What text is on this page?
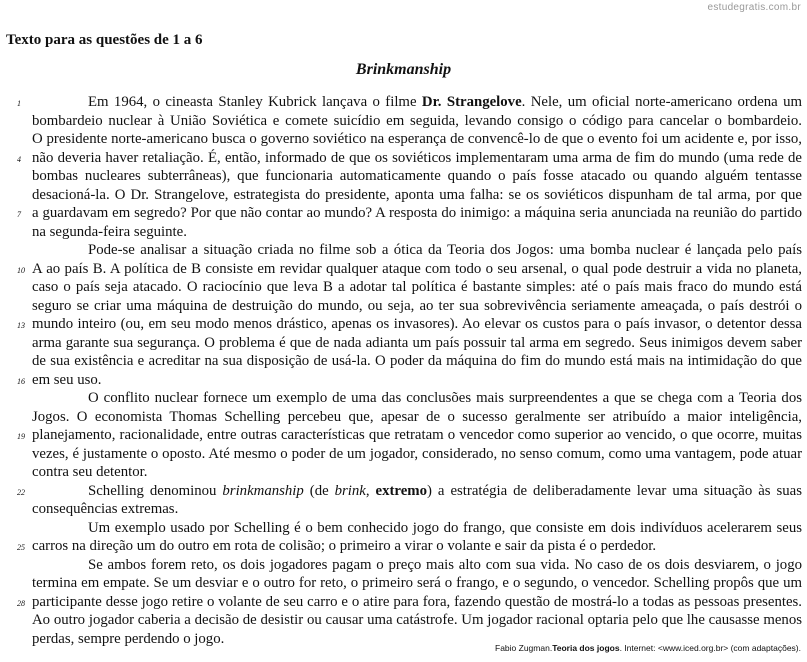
estudegratis.com.br
Texto para as questões de 1 a 6
Brinkmanship
1	Em 1964, o cineasta Stanley Kubrick lançava o filme Dr. Strangelove. Nele, um oficial norte-americano ordena um
bombardeio nuclear à União Soviética e comete suicídio em seguida, levando consigo o código para cancelar o bombardeio.
O presidente norte-americano busca o governo soviético na esperança de convencê-lo de que o evento foi um acidente e, por isso,
4 não deveria haver retaliação. É, então, informado de que os soviéticos implementaram uma arma de fim do mundo (uma rede de
bombas nucleares subterrâneas), que funcionaria automaticamente quando o país fosse atacado ou quando alguém tentasse
desacioná-la. O Dr. Strangelove, estrategista do presidente, aponta uma falha: se os soviéticos dispunham de tal arma, por que
7 a guardavam em segredo? Por que não contar ao mundo? A resposta do inimigo: a máquina seria anunciada na reunião do partido
na segunda-feira seguinte.
Pode-se analisar a situação criada no filme sob a ótica da Teoria dos Jogos: uma bomba nuclear é lançada pelo país
10 A ao país B. A política de B consiste em revidar qualquer ataque com todo o seu arsenal, o qual pode destruir a vida no planeta,
caso o país seja atacado. O raciocínio que leva B a adotar tal política é bastante simples: até o país mais fraco do mundo está
seguro se criar uma máquina de destruição do mundo, ou seja, ao ter sua sobrevivência seriamente ameaçada, o país destrói o
13 mundo inteiro (ou, em seu modo menos drástico, apenas os invasores). Ao elevar os custos para o país invasor, o detentor dessa
arma garante sua segurança. O problema é que de nada adianta um país possuir tal arma em segredo. Seus inimigos devem saber
de sua existência e acreditar na sua disposição de usá-la. O poder da máquina do fim do mundo está mais na intimidação do que
16 em seu uso.
O conflito nuclear fornece um exemplo de uma das conclusões mais surpreendentes a que se chega com a Teoria dos
Jogos. O economista Thomas Schelling percebeu que, apesar de o sucesso geralmente ser atribuído a maior inteligência,
19 planejamento, racionalidade, entre outras características que retratam o vencedor como superior ao vencido, o que ocorre, muitas
vezes, é justamente o oposto. Até mesmo o poder de um jogador, considerado, no senso comum, como uma vantagem, pode atuar
contra seu detentor.
22	Schelling denominou brinkmanship (de brink, extremo) a estratégia de deliberadamente levar uma situação às suas
consequências extremas.
Um exemplo usado por Schelling é o bem conhecido jogo do frango, que consiste em dois indivíduos acelerarem seus
25 carros na direção um do outro em rota de colisão; o primeiro a virar o volante e sair da pista é o perdedor.
Se ambos forem reto, os dois jogadores pagam o preço mais alto com sua vida. No caso de os dois desviarem, o jogo
termina em empate. Se um desviar e o outro for reto, o primeiro será o frango, e o segundo, o vencedor. Schelling propôs que um
28 participante desse jogo retire o volante de seu carro e o atire para fora, fazendo questão de mostrá-lo a todas as pessoas presentes.
Ao outro jogador caberia a decisão de desistir ou causar uma catástrofe. Um jogador racional optaria pelo que lhe causasse menos
perdas, sempre perdendo o jogo.
Fabio Zugman.Teoria dos jogos. Internet: <www.iced.org.br> (com adaptações).
